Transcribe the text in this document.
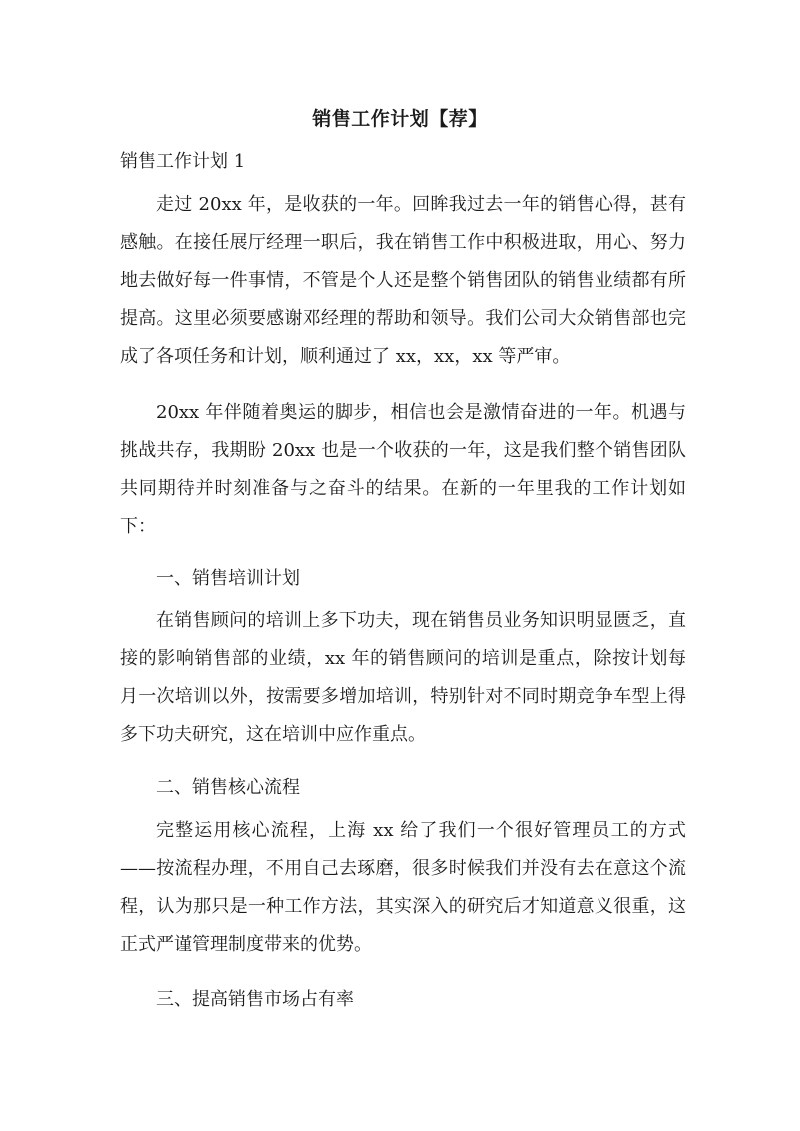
销售工作计划【荐】
销售工作计划 1

走过 20xx 年，是收获的一年。回眸我过去一年的销售心得，甚有感触。在接任展厅经理一职后，我在销售工作中积极进取，用心、努力地去做好每一件事情，不管是个人还是整个销售团队的销售业绩都有所提高。这里必须要感谢邓经理的帮助和领导。我们公司大众销售部也完成了各项任务和计划，顺利通过了 xx，xx，xx 等严审。

20xx 年伴随着奥运的脚步，相信也会是激情奋进的一年。机遇与挑战共存，我期盼 20xx 也是一个收获的一年，这是我们整个销售团队共同期待并时刻准备与之奋斗的结果。在新的一年里我的工作计划如下：

一、销售培训计划

在销售顾问的培训上多下功夫，现在销售员业务知识明显匮乏，直接的影响销售部的业绩，xx 年的销售顾问的培训是重点，除按计划每月一次培训以外，按需要多增加培训，特别针对不同时期竞争车型上得多下功夫研究，这在培训中应作重点。

二、销售核心流程

完整运用核心流程，上海 xx 给了我们一个很好管理员工的方式——按流程办理，不用自己去琢磨，很多时候我们并没有去在意这个流程，认为那只是一种工作方法，其实深入的研究后才知道意义很重，这正式严谨管理制度带来的优势。

三、提高销售市场占有率
